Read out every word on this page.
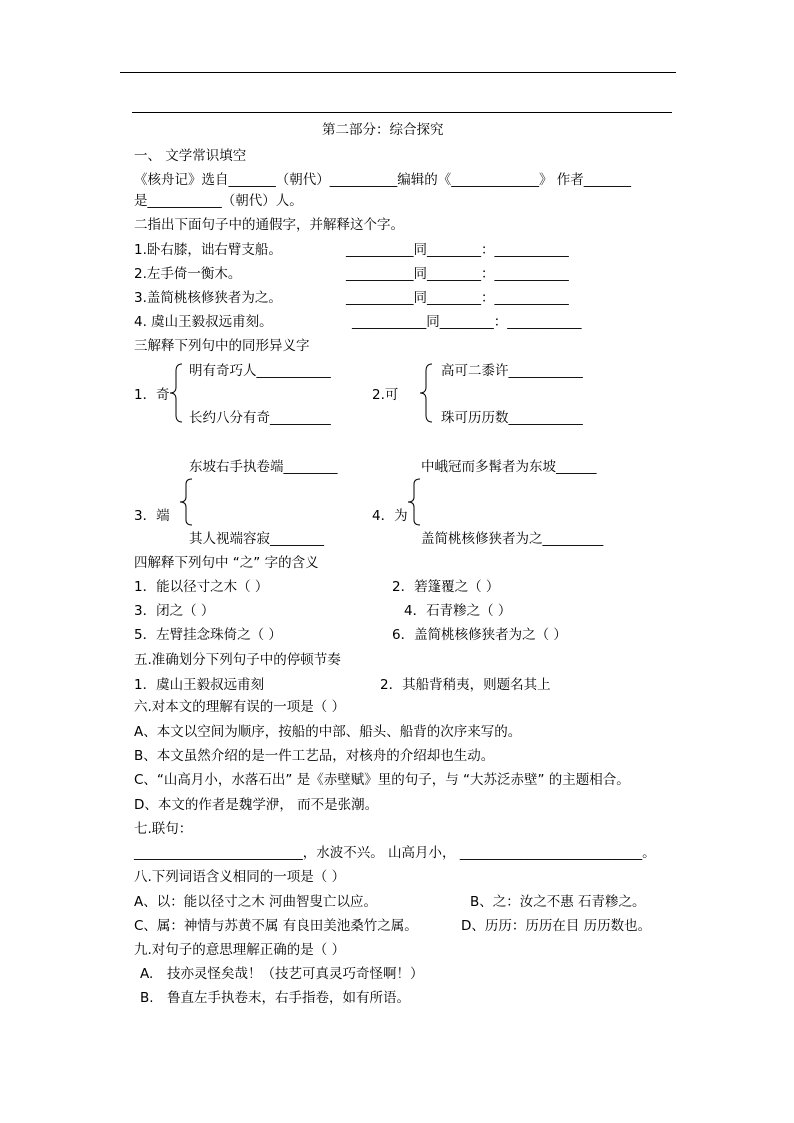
第二部分：综合探究
一、 文学常识填空
《核舟记》选自_______（朝代）__________编辑的《_____________》 作者_______
是___________（朝代）人。
二指出下面句子中的通假字，并解释这个字。
1.卧右膝，诎右臂支船。	__________同________：___________
2.左手倚一衡木。	__________同________：___________
3.盖简桃核修狭者为之。	__________同________：___________
4. 虞山王毅叔远甫刻。	___________同________：___________
三解释下列句中的同形异义字
明有奇巧人___________
1．奇
长约八分有奇_________
高可二黍许___________
2.可
珠可历历数___________
东坡右手执卷端________
3．端
其人视端容寂________
中峨冠而多髯者为东坡______
4．为
盖简桃核修狭者为之_________
四解释下列句中 “之” 字的含义
1．能以径寸之木（ ）	2．箬篷覆之（ ）
3．闭之（ ）	4．石青糁之（ ）
5．左臂挂念珠倚之（ ）	6．盖简桃核修狭者为之（ ）
五.准确划分下列句子中的停顿节奏
1．虞山王毅叔远甫刻	2．其船背稍夷，则题名其上
六.对本文的理解有误的一项是（ ）
A、本文以空间为顺序，按船的中部、船头、船背的次序来写的。
B、本文虽然介绍的是一件工艺品，对核舟的介绍却也生动。
C、“山高月小，水落石出” 是《赤壁赋》里的句子，与 “大苏泛赤壁” 的主题相合。
D、本文的作者是魏学洢， 而不是张潮。
七.联句：
_________________________，水波不兴。 山高月小， ___________________________。
八.下列词语含义相同的一项是（ ）
A、以：能以径寸之木 河曲智叟亡以应。	B、之：汝之不惠 石青糁之。
C、属：神情与苏黄不属 有良田美池桑竹之属。	D、历历：历历在目 历历数也。
九.对句子的意思理解正确的是（ ）
A. 技亦灵怪矣哉！（技艺可真灵巧奇怪啊！）
B. 鲁直左手执卷末，右手指卷，如有所语。
